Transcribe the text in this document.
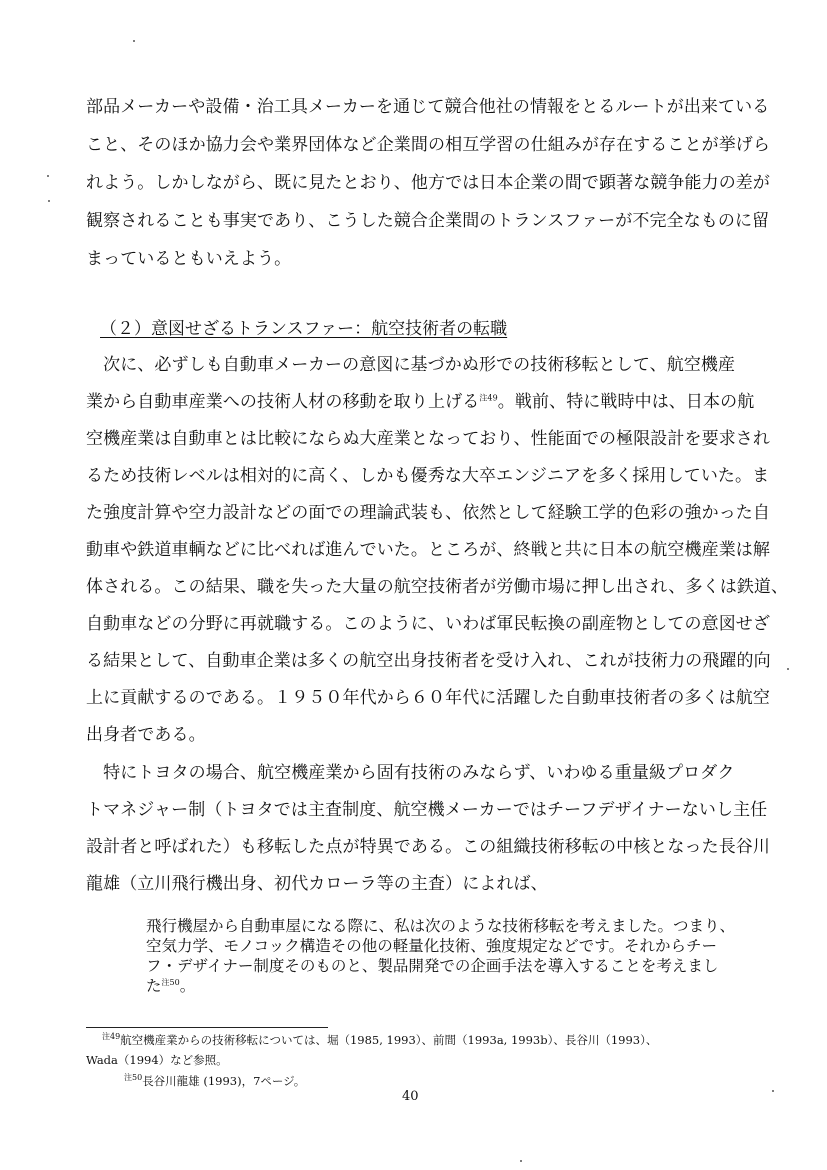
部品メーカーや設備・治工具メーカーを通じて競合他社の情報をとるルートが出来ている
こと、そのほか協力会や業界団体など企業間の相互学習の仕組みが存在することが挙げら
れよう。しかしながら、既に見たとおり、他方では日本企業の間で顕著な競争能力の差が
観察されることも事実であり、こうした競合企業間のトランスファーが不完全なものに留
まっているともいえよう。
（２）意図せざるトランスファー：航空技術者の転職
　次に、必ずしも自動車メーカーの意図に基づかぬ形での技術移転として、航空機産
業から自動車産業への技術人材の移動を取り上げる$^{注49}$。戦前、特に戦時中は、日本の航
空機産業は自動車とは比較にならぬ大産業となっており、性能面での極限設計を要求され
るため技術レベルは相対的に高く、しかも優秀な大卒エンジニアを多く採用していた。ま
た強度計算や空力設計などの面での理論武装も、依然として経験工学的色彩の強かった自
動車や鉄道車輌などに比べれば進んでいた。ところが、終戦と共に日本の航空機産業は解
体される。この結果、職を失った大量の航空技術者が労働市場に押し出され、多くは鉄道、
自動車などの分野に再就職する。このように、いわば軍民転換の副産物としての意図せざ
る結果として、自動車企業は多くの航空出身技術者を受け入れ、これが技術力の飛躍的向
上に貢献するのである。１９５０年代から６０年代に活躍した自動車技術者の多くは航空
出身者である。
　特にトヨタの場合、航空機産業から固有技術のみならず、いわゆる重量級プロダク
トマネジャー制（トヨタでは主査制度、航空機メーカーではチーフデザイナーないし主任
設計者と呼ばれた）も移転した点が特異である。この組織技術移転の中核となった長谷川
龍雄（立川飛行機出身、初代カローラ等の主査）によれば、
飛行機屋から自動車屋になる際に、私は次のような技術移転を考えました。つまり、
空気力学、モノコック構造その他の軽量化技術、強度規定などです。それからチー
フ・デザイナー制度そのものと、製品開発での企画手法を導入することを考えまし
た$^{注50}$。
$^{注49}$航空機産業からの技術移転については、堀（1985, 1993）、前間（1993a, 1993b）、長谷川（1993）、
Wada（1994）など参照。
$^{注50}$長谷川龍雄 (1993)，7ページ。
40
